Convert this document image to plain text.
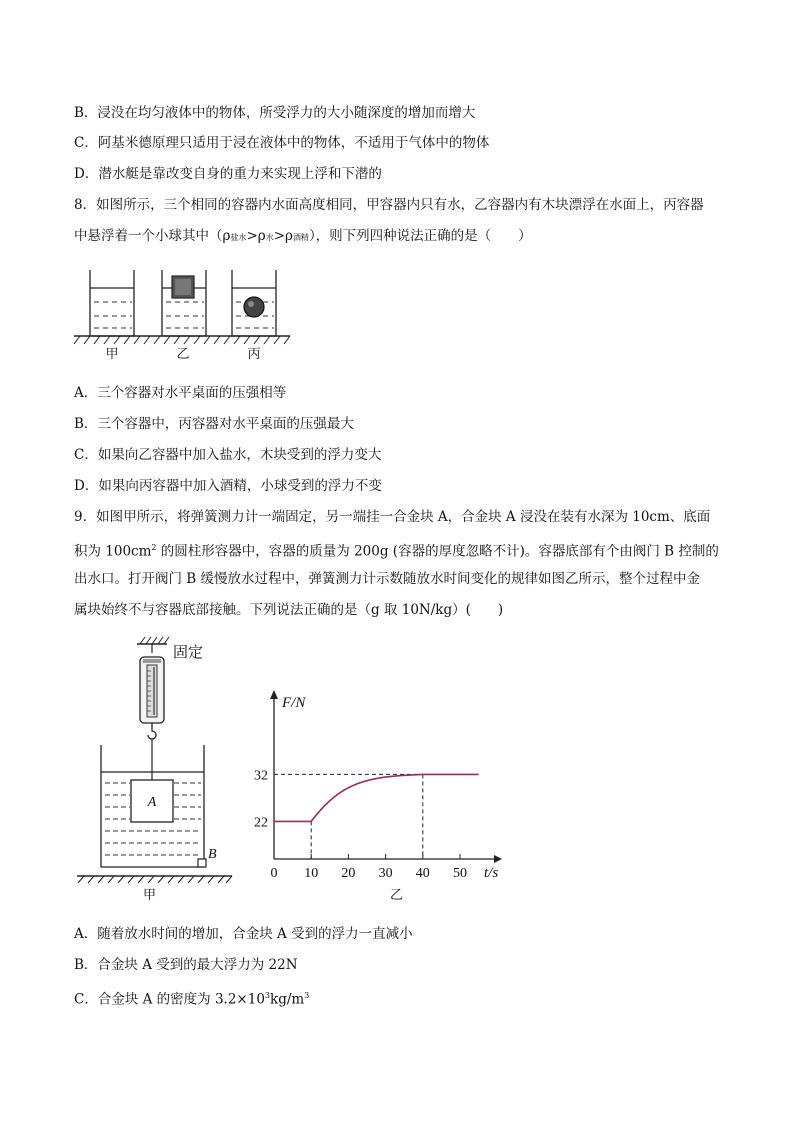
B．浸没在均匀液体中的物体，所受浮力的大小随深度的增加而增大
C．阿基米德原理只适用于浸在液体中的物体，不适用于气体中的物体
D．潜水艇是靠改变自身的重力来实现上浮和下潜的
8．如图所示，三个相同的容器内水面高度相同，甲容器内只有水，乙容器内有木块漂浮在水面上，丙容器
中悬浮着一个小球其中（ρ盐水>ρ水>ρ酒精），则下列四种说法正确的是（　　）
甲	乙	丙
A．三个容器对水平桌面的压强相等
B．三个容器中，丙容器对水平桌面的压强最大
C．如果向乙容器中加入盐水，木块受到的浮力变大
D．如果向丙容器中加入酒精，小球受到的浮力不变
9．如图甲所示，将弹簧测力计一端固定，另一端挂一合金块 A，合金块 A 浸没在装有水深为 10cm、底面
积为 $100cm^2$ 的圆柱形容器中，容器的质量为 200g (容器的厚度忽略不计)。容器底部有个由阀门 B 控制的
出水口。打开阀门 B 缓慢放水过程中，弹簧测力计示数随放水时间变化的规律如图乙所示，整个过程中金
属块始终不与容器底部接触。下列说法正确的是（g 取 10N/kg）(　　)
固定
A
B
甲
F/N
t/s
0 10 20 30 40 50
22
32
乙
A．随着放水时间的增加，合金块 A 受到的浮力一直减小
B．合金块 A 受到的最大浮力为 22N
C．合金块 A 的密度为 $3.2\times 10^3kg/m^3$
